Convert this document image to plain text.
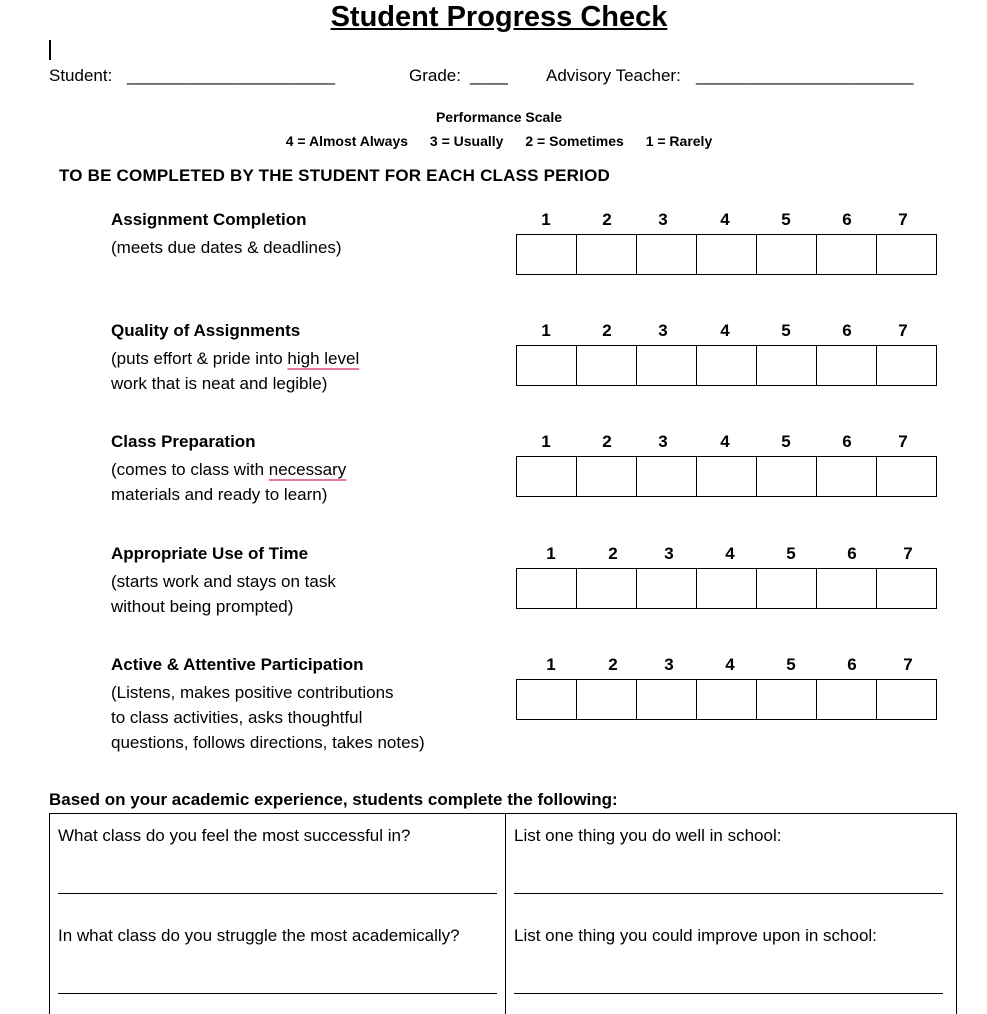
Student Progress Check
Student: ______________________	Grade: ____ Advisory Teacher: _______________________
Performance Scale
4 = Almost Always 3 = Usually 2 = Sometimes 1 = Rarely
TO BE COMPLETED BY THE STUDENT FOR EACH CLASS PERIOD
Assignment Completion
(meets due dates & deadlines)
1	2	3	4	5	6	7
Quality of Assignments
(puts effort & pride into high level
work that is neat and legible)
1	2	3	4	5	6	7
Class Preparation
(comes to class with necessary
materials and ready to learn)
1	2	3	4	5	6	7
Appropriate Use of Time
(starts work and stays on task
without being prompted)
1	2	3	4	5	6	7
Active & Attentive Participation
(Listens, makes positive contributions
to class activities, asks thoughtful
questions, follows directions, takes notes)
1	2	3	4	5	6	7
Based on your academic experience, students complete the following:
What class do you feel the most successful in?	List one thing you do well in school:
In what class do you struggle the most academically?	List one thing you could improve upon in school:
